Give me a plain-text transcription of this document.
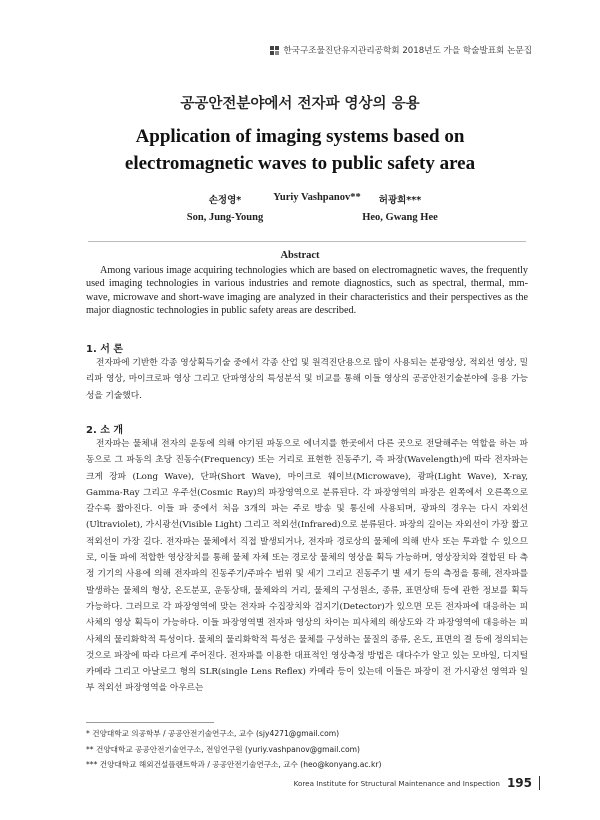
한국구조물진단유지관리공학회 2018년도 가을 학술발표회 논문집
공공안전분야에서 전자파 영상의 응용
Application of imaging systems based on electromagnetic waves to public safety area
손정영*
Son, Jung-Young
Yuriy Vashpanov**	허광희***
Heo, Gwang Hee
Abstract
Among various image acquiring technologies which are based on electromagnetic waves, the frequently used imaging technologies in various industries and remote diagnostics, such as spectral, thermal, mm-wave, microwave and short-wave imaging are analyzed in their characteristics and their perspectives as the major diagnostic technologies in public safety areas are described.
1. 서 론
전자파에 기반한 각종 영상획득기술 중에서 각종 산업 및 원격진단용으로 많이 사용되는 분광영상, 적외선 영상, 밀리파 영상, 마이크로파 영상 그리고 단파영상의 특성분석 및 비교를 통해 이들 영상의 공공안전기술분야에 응용 가능성을 기술했다.
2. 소 개
전자파는 물체내 전자의 운동에 의해 야기된 파동으로 에너지를 한곳에서 다른 곳으로 전달해주는 역할을 하는 파동으로 그 파동의 초당 진동수(Frequency) 또는 거리로 표현한 진동주기, 즉 파장(Wavelength)에 따라 전자파는 크게 장파 (Long Wave), 단파(Short Wave), 마이크로 웨이브(Microwave), 광파(Light Wave), X-ray, Gamma-Ray 그리고 우주선(Cosmic Ray)의 파장영역으로 분류된다. 각 파장영역의 파장은 왼쪽에서 오른쪽으로 갈수록 짧아진다. 이들 파 중에서 처음 3개의 파는 주로 방송 및 통신에 사용되며, 광파의 경우는 다시 자외선(Ultraviolet), 가시광선(Visible Light) 그리고 적외선(Infrared)으로 분류된다. 파장의 길이는 자외선이 가장 짧고 적외선이 가장 길다. 전자파는 물체에서 직접 발생되거나, 전자파 경로상의 물체에 의해 반사 또는 투과할 수 있으므로, 이들 파에 적합한 영상장치를 통해 물체 자체 또는 경로상 물체의 영상을 획득 가능하며, 영상장치와 결합된 타 측정 기기의 사용에 의해 전자파의 진동주기/주파수 범위 및 세기 그리고 진동주기 별 세기 등의 측정을 통해, 전자파를 발생하는 물체의 형상, 온도분포, 운동상태, 물체와의 거리, 물체의 구성원소, 종류, 표면상태 등에 관한 정보를 획득 가능하다. 그러므로 각 파장영역에 맞는 전자파 수집장치와 검지기(Detector)가 있으면 모든 전자파에 대응하는 피사체의 영상 획득이 가능하다. 이들 파장영역별 전자파 영상의 차이는 피사체의 해상도와 각 파장영역에 대응하는 피사체의 물리화학적 특성이다. 물체의 물리화학적 특성은 물체를 구성하는 물질의 종류, 온도, 표면의 결 등에 정의되는 것으로 파장에 따라 다르게 주어진다. 전자파를 이용한 대표적인 영상측정 방법은 대다수가 알고 있는 모바일, 디지털 카메라 그리고 아날로그 형의 SLR(single Lens Reflex) 카메라 등이 있는데 이들은 파장이 전 가시광선 영역과 일부 적외선 파장영역을 아우르는
* 건양대학교 의공학부 / 공공안전기술연구소, 교수 (sjy4271@gmail.com)
** 건양대학교 공공안전기술연구소, 전임연구원 (yuriy.vashpanov@gmail.com)
*** 건양대학교 해외건설플랜트학과 / 공공안전기술연구소, 교수 (heo@konyang.ac.kr)
Korea Institute for Structural Maintenance and Inspection 195
